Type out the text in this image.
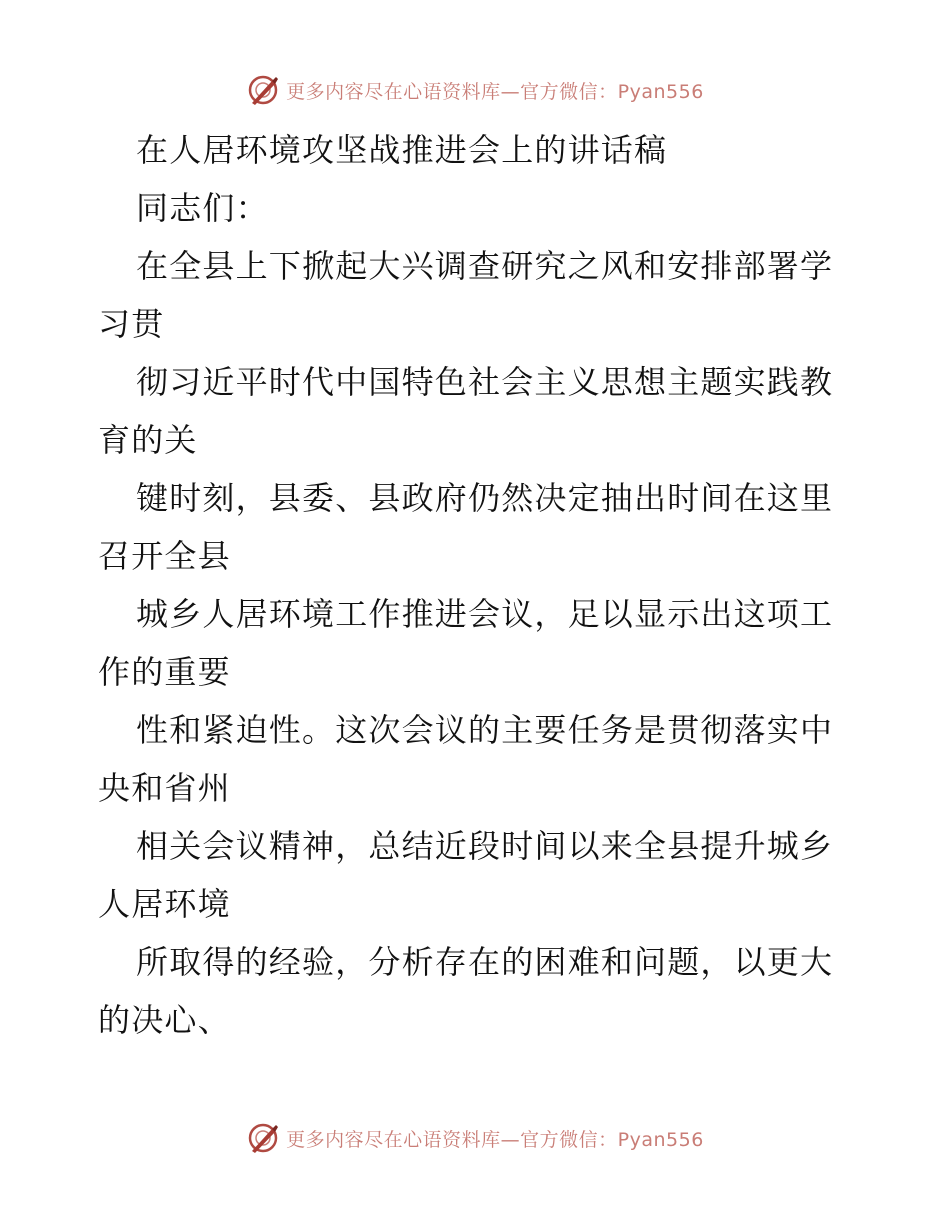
更多内容尽在心语资料库—官方微信：Pyan556
在人居环境攻坚战推进会上的讲话稿
同志们：
在全县上下掀起大兴调查研究之风和安排部署学
习贯
彻习近平时代中国特色社会主义思想主题实践教
育的关
键时刻，县委、县政府仍然决定抽出时间在这里
召开全县
城乡人居环境工作推进会议，足以显示出这项工
作的重要
性和紧迫性。这次会议的主要任务是贯彻落实中
央和省州
相关会议精神，总结近段时间以来全县提升城乡
人居环境
所取得的经验，分析存在的困难和问题，以更大
的决心、
更多内容尽在心语资料库—官方微信：Pyan556
